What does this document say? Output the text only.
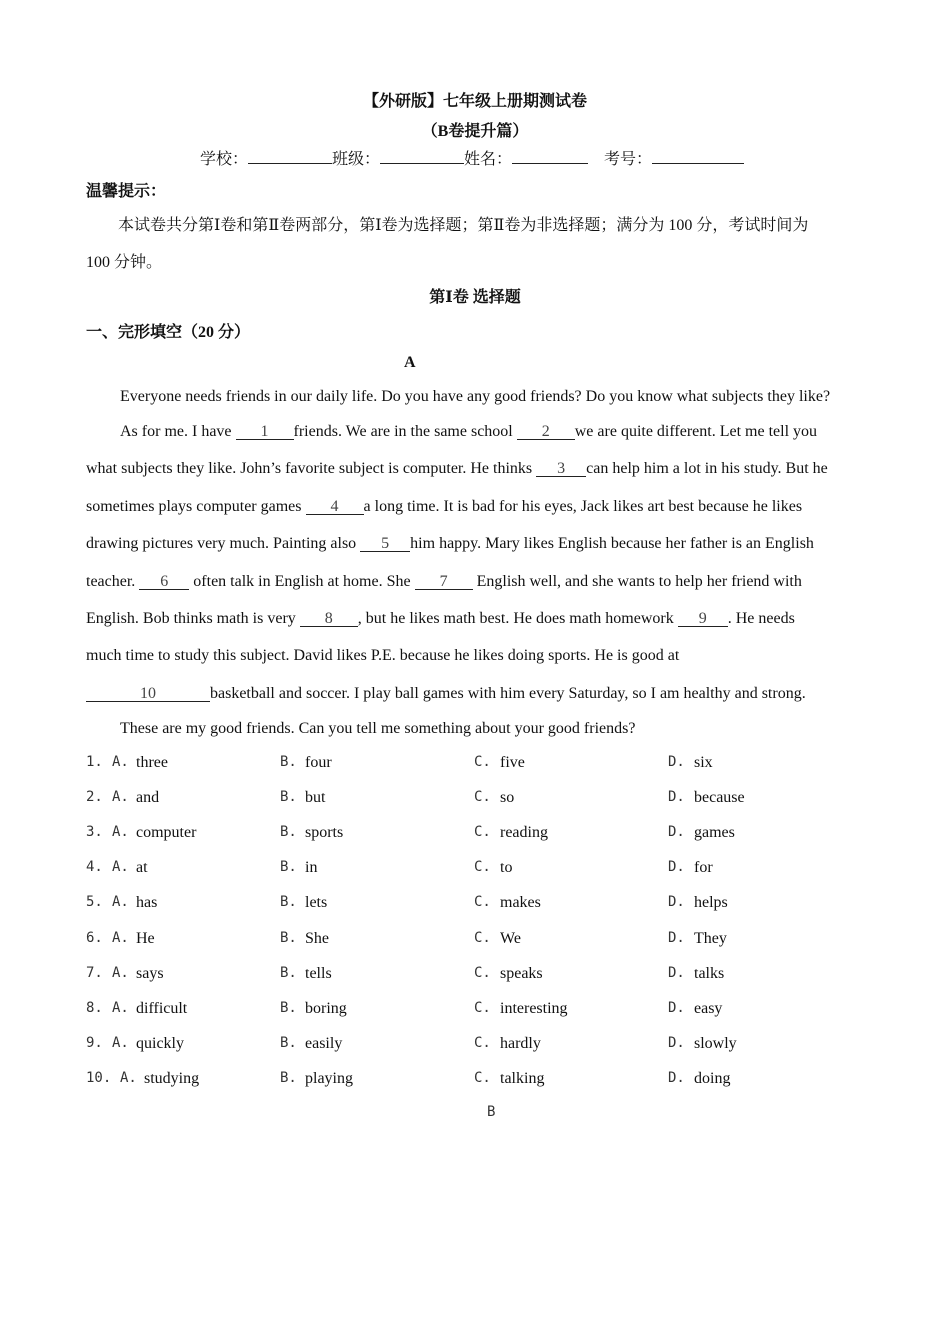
【外研版】七年级上册期测试卷
（B卷提升篇）
学校：	班级：	姓名：	考号：
温馨提示：
本试卷共分第Ⅰ卷和第Ⅱ卷两部分，第Ⅰ卷为选择题；第Ⅱ卷为非选择题；满分为 100 分，考试时间为
100 分钟。
第Ⅰ卷 选择题
一、完形填空（20 分）
A
Everyone needs friends in our daily life. Do you have any good friends? Do you know what subjects they like?
As for me. I have 1 friends. We are in the same school 2 we are quite different. Let me tell you
what subjects they like. John’s favorite subject is computer. He thinks 3 can help him a lot in his study. But he
sometimes plays computer games 4 a long time. It is bad for his eyes, Jack likes art best because he likes
drawing pictures very much. Painting also 5 him happy. Mary likes English because her father is an English
teacher. 6 often talk in English at home. She 7 English well, and she wants to help her friend with
English. Bob thinks math is very 8 , but he likes math best. He does math homework 9 . He needs
much time to study this subject. David likes P.E. because he likes doing sports. He is good at
10	basketball and soccer. I play ball games with him every Saturday, so I am healthy and strong.
These are my good friends. Can you tell me something about your good friends?
1. A. three	B. four	C. five	D. six
2. A. and	B. but	C. so	D. because
3. A. computer	B. sports	C. reading	D. games
4. A. at	B. in	C. to	D. for
5. A. has	B. lets	C. makes	D. helps
6. A. He	B. She	C. We	D. They
7. A. says	B. tells	C. speaks	D. talks
8. A. difficult	B. boring	C. interesting	D. easy
9. A. quickly	B. easily	C. hardly	D. slowly
10. A. studying	B. playing	C. talking	D. doing
B
